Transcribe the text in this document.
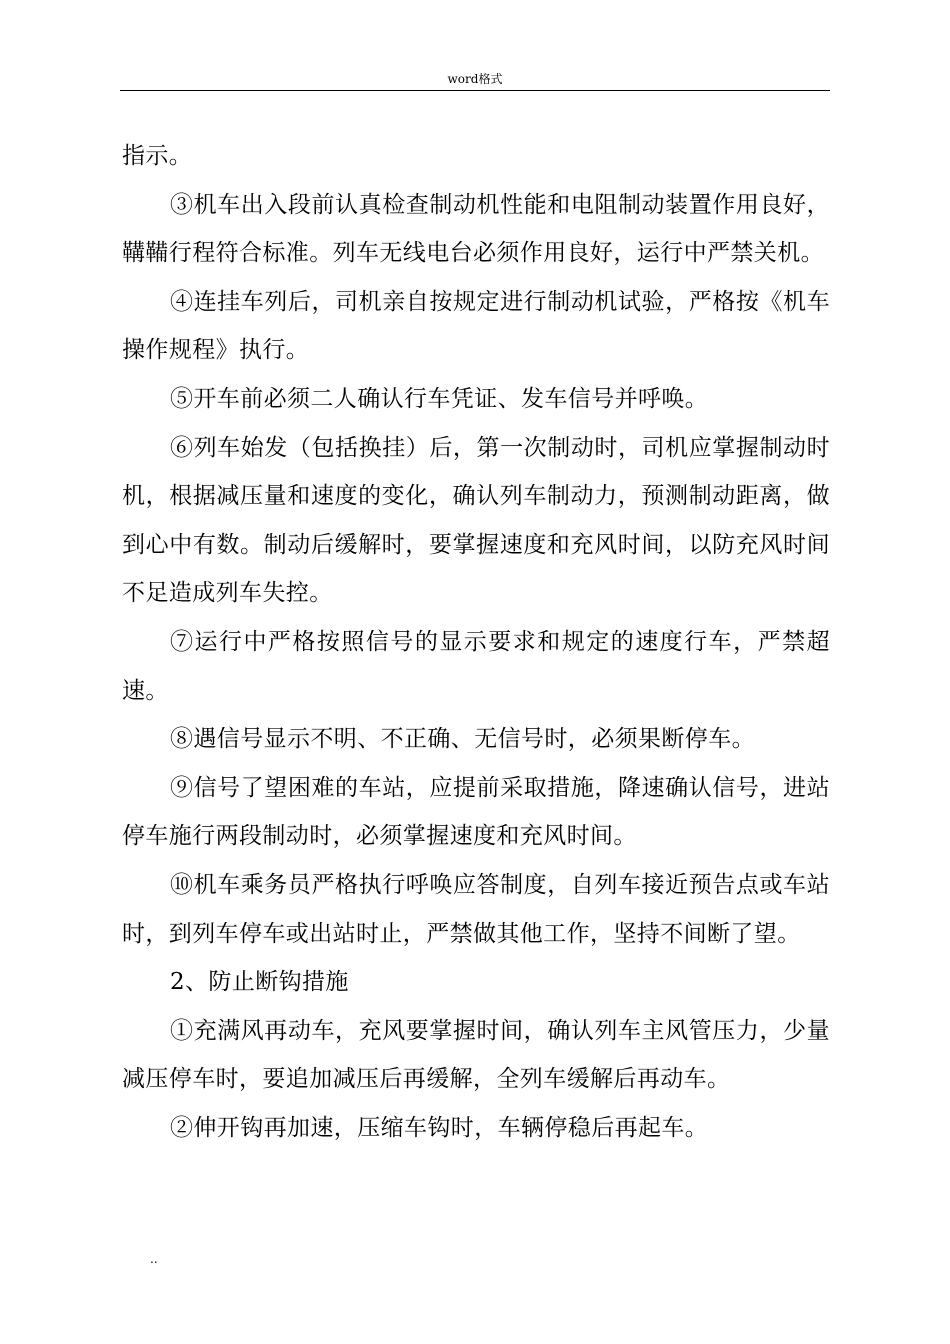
word格式

指示。

③机车出入段前认真检查制动机性能和电阻制动装置作用良好，鞲鞴行程符合标准。列车无线电台必须作用良好，运行中严禁关机。

④连挂车列后，司机亲自按规定进行制动机试验，严格按《机车操作规程》执行。

⑤开车前必须二人确认行车凭证、发车信号并呼唤。

⑥列车始发（包括换挂）后，第一次制动时，司机应掌握制动时机，根据减压量和速度的变化，确认列车制动力，预测制动距离，做到心中有数。制动后缓解时，要掌握速度和充风时间，以防充风时间不足造成列车失控。

⑦运行中严格按照信号的显示要求和规定的速度行车，严禁超速。

⑧遇信号显示不明、不正确、无信号时，必须果断停车。

⑨信号了望困难的车站，应提前采取措施，降速确认信号，进站停车施行两段制动时，必须掌握速度和充风时间。

⑩机车乘务员严格执行呼唤应答制度，自列车接近预告点或车站时，到列车停车或出站时止，严禁做其他工作，坚持不间断了望。

2、防止断钩措施

①充满风再动车，充风要掌握时间，确认列车主风管压力，少量减压停车时，要追加减压后再缓解，全列车缓解后再动车。

②伸开钩再加速，压缩车钩时，车辆停稳后再起车。

..
